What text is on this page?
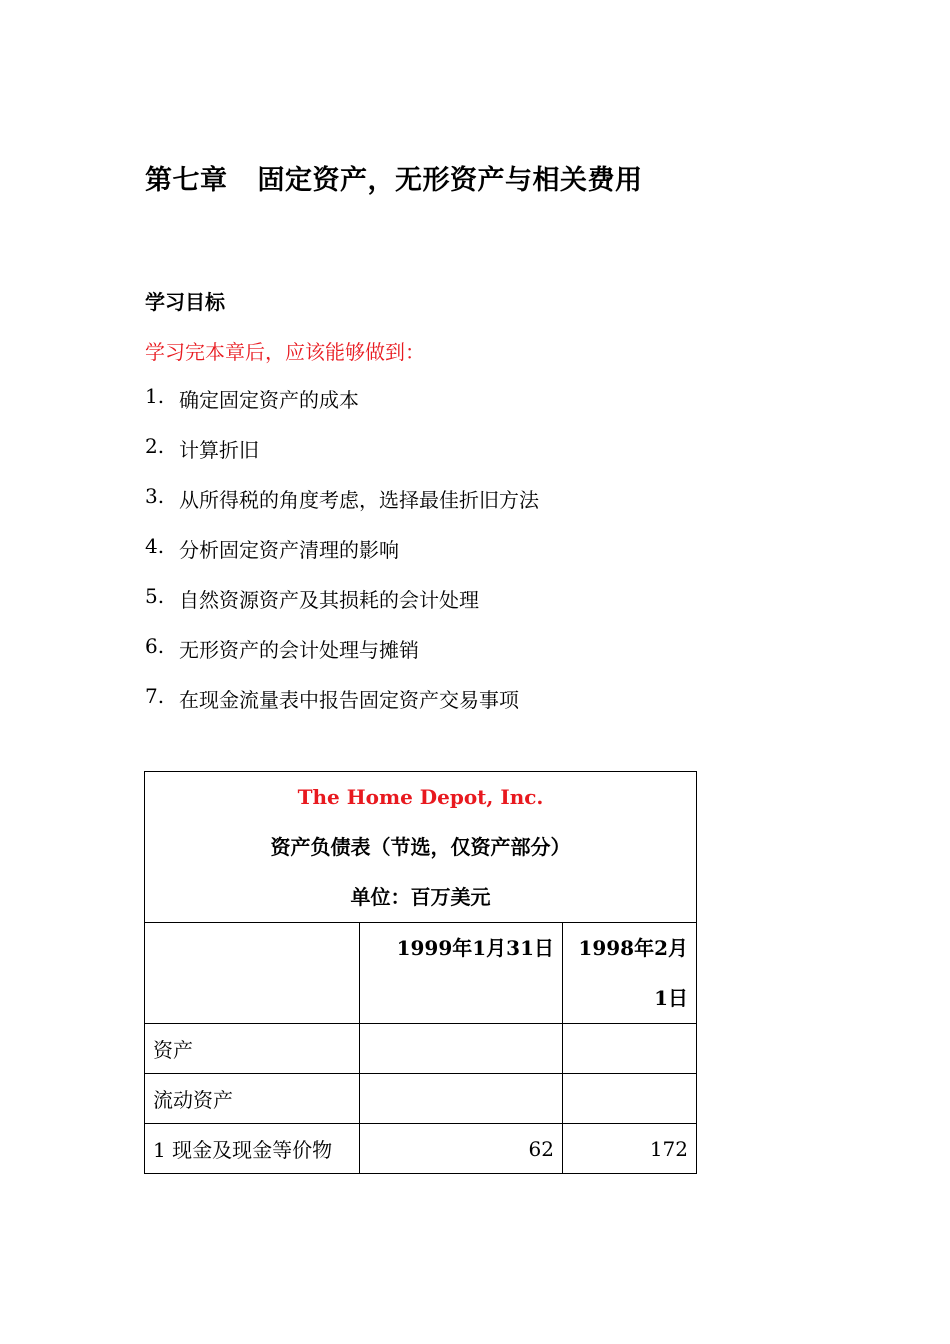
第七章 固定资产，无形资产与相关费用
学习目标
学习完本章后，应该能够做到：
1. 确定固定资产的成本
2. 计算折旧
3. 从所得税的角度考虑，选择最佳折旧方法
4. 分析固定资产清理的影响
5. 自然资源资产及其损耗的会计处理
6. 无形资产的会计处理与摊销
7. 在现金流量表中报告固定资产交易事项
The Home Depot, Inc.
资产负债表（节选，仅资产部分）
单位：百万美元		

	1999年1月31日	1998年2月
1日

资产		
流动资产		
1 现金及现金等价物	62	172
